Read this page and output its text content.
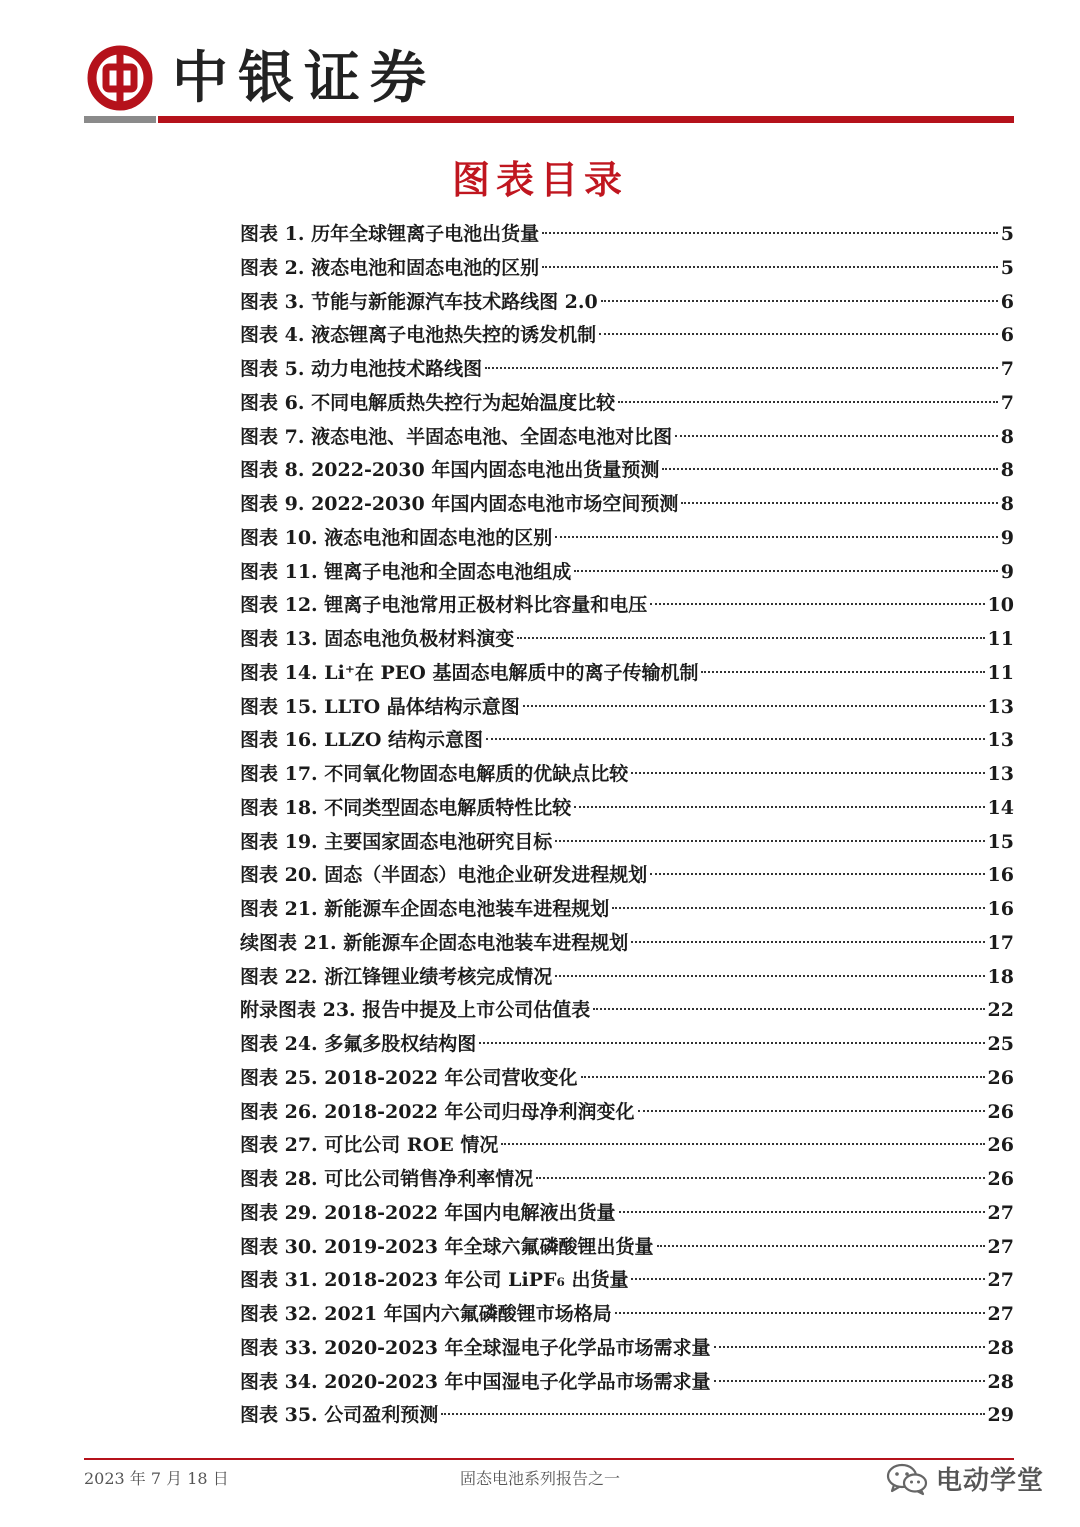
中银证券
图表目录
图表 1. 历年全球锂离子电池出货量	5
图表 2. 液态电池和固态电池的区别	5
图表 3. 节能与新能源汽车技术路线图 2.0	6
图表 4. 液态锂离子电池热失控的诱发机制	6
图表 5. 动力电池技术路线图	7
图表 6. 不同电解质热失控行为起始温度比较	7
图表 7. 液态电池、半固态电池、全固态电池对比图	8
图表 8. 2022-2030 年国内固态电池出货量预测	8
图表 9. 2022-2030 年国内固态电池市场空间预测	8
图表 10. 液态电池和固态电池的区别	9
图表 11. 锂离子电池和全固态电池组成	9
图表 12. 锂离子电池常用正极材料比容量和电压	10
图表 13. 固态电池负极材料演变	11
图表 14. Li⁺在 PEO 基固态电解质中的离子传输机制	11
图表 15. LLTO 晶体结构示意图	13
图表 16. LLZO 结构示意图	13
图表 17. 不同氧化物固态电解质的优缺点比较	13
图表 18. 不同类型固态电解质特性比较	14
图表 19. 主要国家固态电池研究目标	15
图表 20. 固态（半固态）电池企业研发进程规划	16
图表 21. 新能源车企固态电池装车进程规划	16
续图表 21. 新能源车企固态电池装车进程规划	17
图表 22. 浙江锋锂业绩考核完成情况	18
附录图表 23. 报告中提及上市公司估值表	22
图表 24. 多氟多股权结构图	25
图表 25. 2018-2022 年公司营收变化	26
图表 26. 2018-2022 年公司归母净利润变化	26
图表 27. 可比公司 ROE 情况	26
图表 28. 可比公司销售净利率情况	26
图表 29. 2018-2022 年国内电解液出货量	27
图表 30. 2019-2023 年全球六氟磷酸锂出货量	27
图表 31. 2018-2023 年公司 LiPF₆ 出货量	27
图表 32. 2021 年国内六氟磷酸锂市场格局	27
图表 33. 2020-2023 年全球湿电子化学品市场需求量	28
图表 34. 2020-2023 年中国湿电子化学品市场需求量	28
图表 35. 公司盈利预测	29
2023 年 7 月 18 日	固态电池系列报告之一	电动学堂
